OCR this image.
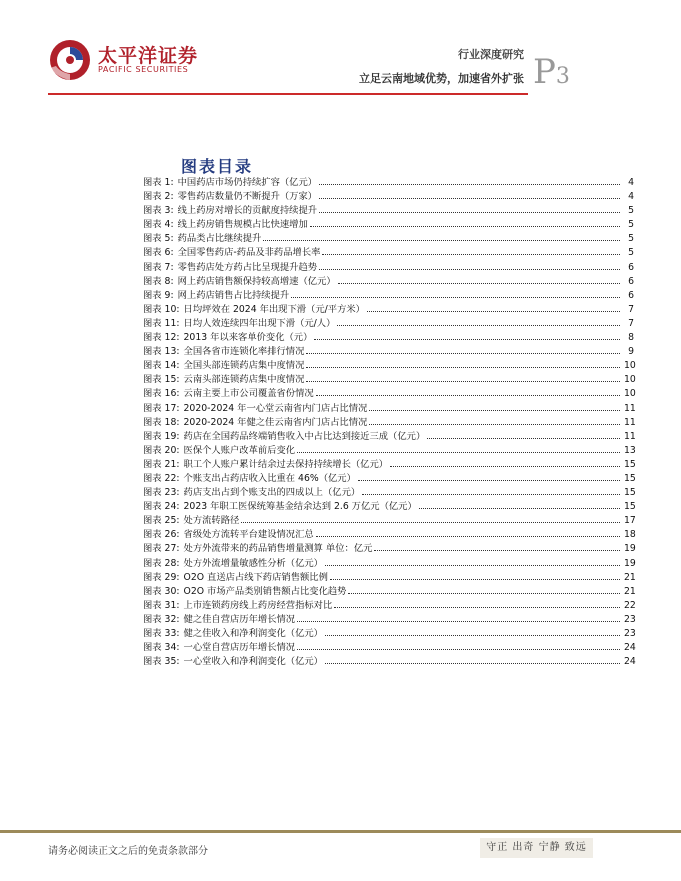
太平洋证券
PACIFIC SECURITIES
行业深度研究
立足云南地域优势，加速省外扩张 P3
图表目录
图表 1: 中国药店市场仍持续扩容（亿元）	4
图表 2: 零售药店数量仍不断提升（万家）	4
图表 3: 线上药房对增长的贡献度持续提升	5
图表 4: 线上药房销售规模占比快速增加	5
图表 5: 药品类占比继续提升	5
图表 6: 全国零售药店-药品及非药品增长率	5
图表 7: 零售药店处方药占比呈现提升趋势	6
图表 8: 网上药店销售额保持较高增速（亿元）	6
图表 9: 网上药店销售占比持续提升	6
图表 10: 日均坪效在 2024 年出现下滑（元/平方米）	7
图表 11: 日均人效连续四年出现下滑（元/人）	7
图表 12: 2013 年以来客单价变化（元）	8
图表 13: 全国各省市连锁化率排行情况	9
图表 14: 全国头部连锁药店集中度情况	10
图表 15: 云南头部连锁药店集中度情况	10
图表 16: 云南主要上市公司覆盖省份情况	10
图表 17: 2020-2024 年一心堂云南省内门店占比情况	11
图表 18: 2020-2024 年健之佳云南省内门店占比情况	11
图表 19: 药店在全国药品终端销售收入中占比达到接近三成（亿元）	11
图表 20: 医保个人账户改革前后变化	13
图表 21: 职工个人账户累计结余过去保持持续增长（亿元）	15
图表 22: 个账支出占药店收入比重在 46%（亿元）	15
图表 23: 药店支出占到个账支出的四成以上（亿元）	15
图表 24: 2023 年职工医保统筹基金结余达到 2.6 万亿元（亿元）	15
图表 25: 处方流转路径	17
图表 26: 省级处方流转平台建设情况汇总	18
图表 27: 处方外流带来的药品销售增量测算 单位：亿元	19
图表 28: 处方外流增量敏感性分析（亿元）	19
图表 29: O2O 直送店占线下药店销售额比例	21
图表 30: O2O 市场产品类别销售额占比变化趋势	21
图表 31: 上市连锁药房线上药房经营指标对比	22
图表 32: 健之佳自营店历年增长情况	23
图表 33: 健之佳收入和净利润变化（亿元）	23
图表 34: 一心堂自营店历年增长情况	24
图表 35: 一心堂收入和净利润变化（亿元）	24
请务必阅读正文之后的免责条款部分	守正 出奇 宁静 致远
